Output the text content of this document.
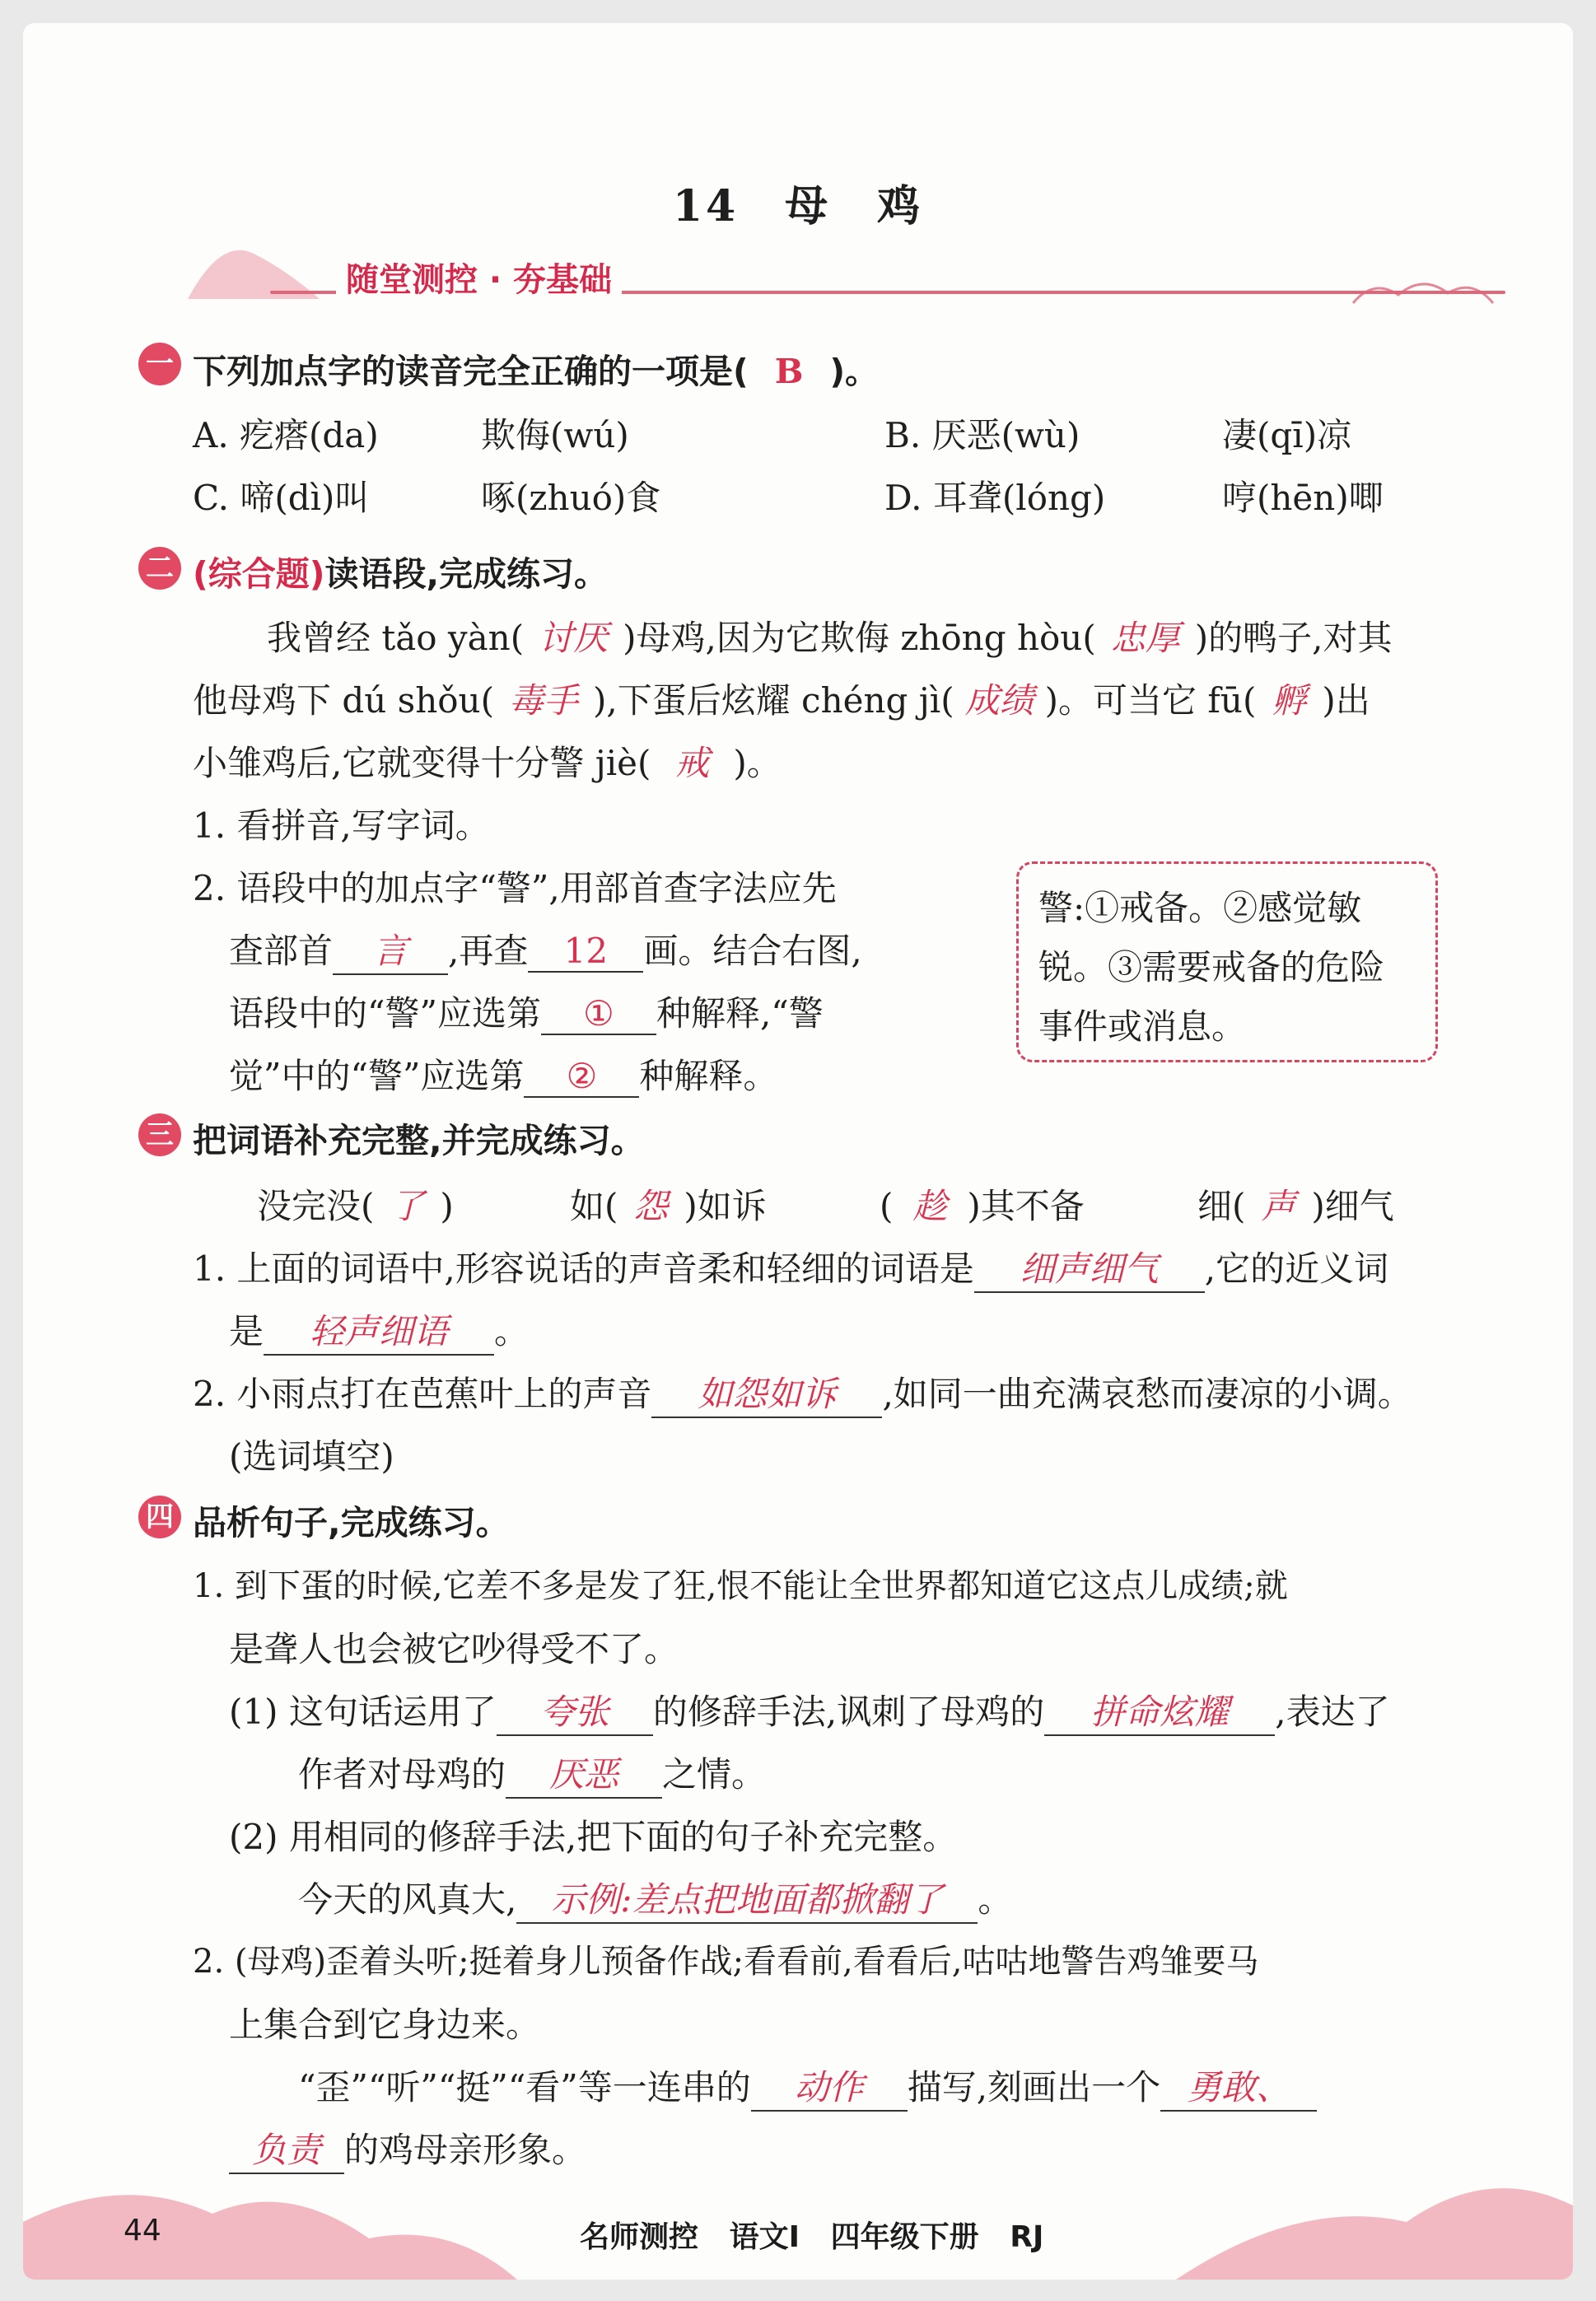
14　母　鸡
随堂测控 · 夯基础
一 下列加点字的读音完全正确的一项是( B )。
A. 疙瘩(da)	欺侮(wú)	B. 厌恶(wù)	凄(qī)凉
C. 啼(dì)叫	啄(zhuó)食	D. 耳聋(lóng)	哼(hēn)唧
二 (综合题)读语段,完成练习。
我曾经 tǎo yàn( 讨厌 )母鸡,因为它欺侮 zhōng hòu( 忠厚 )的鸭子,对其
他母鸡下 dú shǒu( 毒手 ),下蛋后炫耀 chéng jì( 成绩 )。可当它 fū( 孵 )出
小雏鸡后,它就变得十分警 jiè( 戒 )。
1. 看拼音,写字词。
2. 语段中的加点字“警”,用部首查字法应先
查部首 言 ,再查 12 画。结合右图,
语段中的“警”应选第 ① 种解释,“警
觉”中的“警”应选第 ② 种解释。
警:①戒备。②感觉敏
锐。③需要戒备的危险
事件或消息。
三 把词语补充完整,并完成练习。
没完没( 了 )	如( 怨 )如诉	( 趁 )其不备	细( 声 )细气
1. 上面的词语中,形容说话的声音柔和轻细的词语是 细声细气 ,它的近义词
是 轻声细语 。
2. 小雨点打在芭蕉叶上的声音 如怨如诉 ,如同一曲充满哀愁而凄凉的小调。
(选词填空)
四 品析句子,完成练习。
1. 到下蛋的时候,它差不多是发了狂,恨不能让全世界都知道它这点儿成绩;就
是聋人也会被它吵得受不了。
(1) 这句话运用了 夸张 的修辞手法,讽刺了母鸡的 拼命炫耀 ,表达了
作者对母鸡的 厌恶 之情。
(2) 用相同的修辞手法,把下面的句子补充完整。
今天的风真大, 示例:差点把地面都掀翻了 。
2. (母鸡)歪着头听;挺着身儿预备作战;看看前,看看后,咕咕地警告鸡雏要马
上集合到它身边来。
“歪”“听”“挺”“看”等一连串的 动作 描写,刻画出一个 勇敢、
负责 的鸡母亲形象。
44	名师测控 语文Ⅰ 四年级下册 RJ
